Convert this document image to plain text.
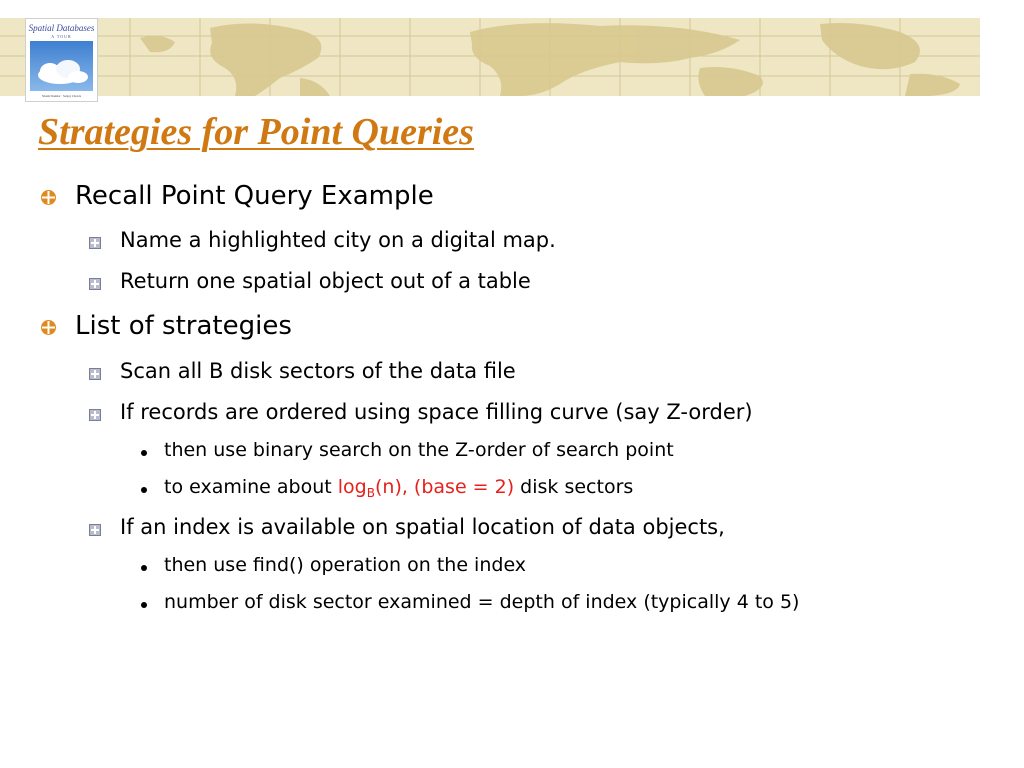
Spatial Databases
A TOUR
Shashi Shekhar · Sanjay Chawla
Strategies for Point Queries
Recall Point Query Example
Name a highlighted city on a digital map.
Return one spatial object out of a table
List of strategies
Scan all B disk sectors of the data file
If records are ordered using space filling curve (say Z-order)
then use binary search on the Z-order of search point
to examine about $\log_B(n)$, (base = 2) disk sectors
If an index is available on spatial location of data objects,
then use find() operation on the index
number of disk sector examined = depth of index (typically 4 to 5)
